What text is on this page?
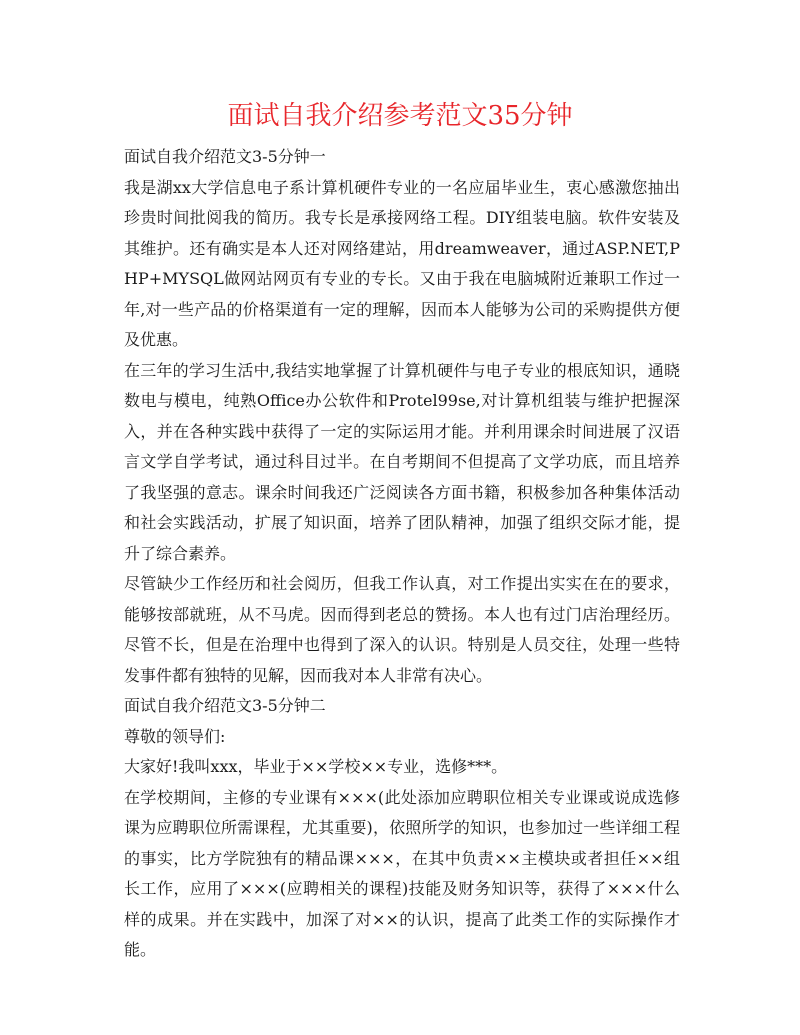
面试自我介绍参考范文35分钟

面试自我介绍范文3-5分钟一

我是湖xx大学信息电子系计算机硬件专业的一名应届毕业生，衷心感激您抽出珍贵时间批阅我的简历。我专长是承接网络工程。DIY组装电脑。软件安装及其维护。还有确实是本人还对网络建站，用dreamweaver，通过ASP.NET,PHP+MYSQL做网站网页有专业的专长。又由于我在电脑城附近兼职工作过一年,对一些产品的价格渠道有一定的理解，因而本人能够为公司的采购提供方便及优惠。

在三年的学习生活中,我结实地掌握了计算机硬件与电子专业的根底知识，通晓数电与模电，纯熟Office办公软件和Protel99se,对计算机组装与维护把握深入，并在各种实践中获得了一定的实际运用才能。并利用课余时间进展了汉语言文学自学考试，通过科目过半。在自考期间不但提高了文学功底，而且培养了我坚强的意志。课余时间我还广泛阅读各方面书籍，积极参加各种集体活动和社会实践活动，扩展了知识面，培养了团队精神，加强了组织交际才能，提升了综合素养。

尽管缺少工作经历和社会阅历，但我工作认真，对工作提出实实在在的要求，能够按部就班，从不马虎。因而得到老总的赞扬。本人也有过门店治理经历。尽管不长，但是在治理中也得到了深入的认识。特别是人员交往，处理一些特发事件都有独特的见解，因而我对本人非常有决心。

面试自我介绍范文3-5分钟二

尊敬的领导们:

大家好!我叫xxx，毕业于××学校××专业，选修***。

在学校期间，主修的专业课有×××(此处添加应聘职位相关专业课或说成选修课为应聘职位所需课程，尤其重要)，依照所学的知识，也参加过一些详细工程的事实，比方学院独有的精品课×××，在其中负责××主模块或者担任××组长工作，应用了×××(应聘相关的课程)技能及财务知识等，获得了×××什么样的成果。并在实践中，加深了对××的认识，提高了此类工作的实际操作才能。
